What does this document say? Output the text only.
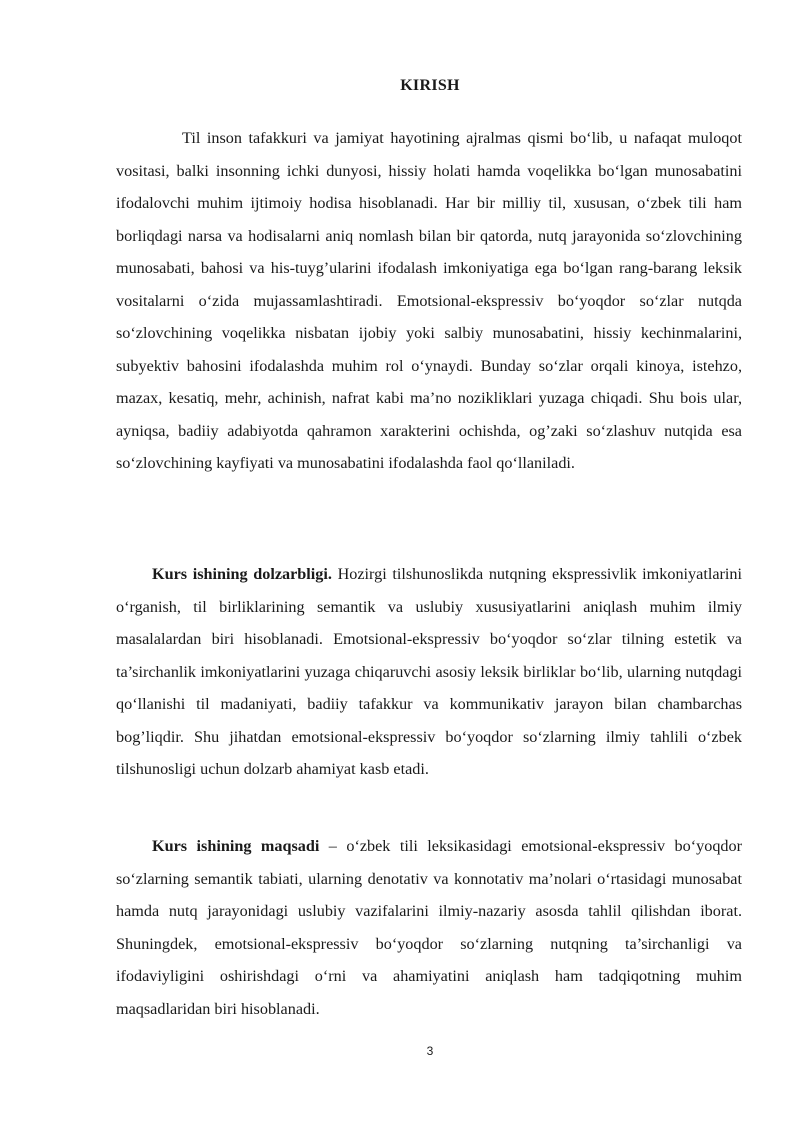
KIRISH

Til inson tafakkuri va jamiyat hayotining ajralmas qismi bo‘lib, u nafaqat muloqot vositasi, balki insonning ichki dunyosi, hissiy holati hamda voqelikka bo‘lgan munosabatini ifodalovchi muhim ijtimoiy hodisa hisoblanadi. Har bir milliy til, xususan, o‘zbek tili ham borliqdagi narsa va hodisalarni aniq nomlash bilan bir qatorda, nutq jarayonida so‘zlovchining munosabati, bahosi va his-tuyg’ularini ifodalash imkoniyatiga ega bo‘lgan rang-barang leksik vositalarni o‘zida mujassamlashtiradi. Emotsional-ekspressiv bo‘yoqdor so‘zlar nutqda so‘zlovchining voqelikka nisbatan ijobiy yoki salbiy munosabatini, hissiy kechinmalarini, subyektiv bahosini ifodalashda muhim rol o‘ynaydi. Bunday so‘zlar orqali kinoya, istehzo, mazax, kesatiq, mehr, achinish, nafrat kabi ma’no nozikliklari yuzaga chiqadi. Shu bois ular, ayniqsa, badiiy adabiyotda qahramon xarakterini ochishda, og’zaki so‘zlashuv nutqida esa so‘zlovchining kayfiyati va munosabatini ifodalashda faol qo‘llaniladi.

Kurs ishining dolzarbligi. Hozirgi tilshunoslikda nutqning ekspressivlik imkoniyatlarini o‘rganish, til birliklarining semantik va uslubiy xususiyatlarini aniqlash muhim ilmiy masalalardan biri hisoblanadi. Emotsional-ekspressiv bo‘yoqdor so‘zlar tilning estetik va ta’sirchanlik imkoniyatlarini yuzaga chiqaruvchi asosiy leksik birliklar bo‘lib, ularning nutqdagi qo‘llanishi til madaniyati, badiiy tafakkur va kommunikativ jarayon bilan chambarchas bog’liqdir. Shu jihatdan emotsional-ekspressiv bo‘yoqdor so‘zlarning ilmiy tahlili o‘zbek tilshunosligi uchun dolzarb ahamiyat kasb etadi.

Kurs ishining maqsadi – o‘zbek tili leksikasidagi emotsional-ekspressiv bo‘yoqdor so‘zlarning semantik tabiati, ularning denotativ va konnotativ ma’nolari o‘rtasidagi munosabat hamda nutq jarayonidagi uslubiy vazifalarini ilmiy-nazariy asosda tahlil qilishdan iborat. Shuningdek, emotsional-ekspressiv bo‘yoqdor so‘zlarning nutqning ta’sirchanligi va ifodaviyligini oshirishdagi o‘rni va ahamiyatini aniqlash ham tadqiqotning muhim maqsadlaridan biri hisoblanadi.

3
